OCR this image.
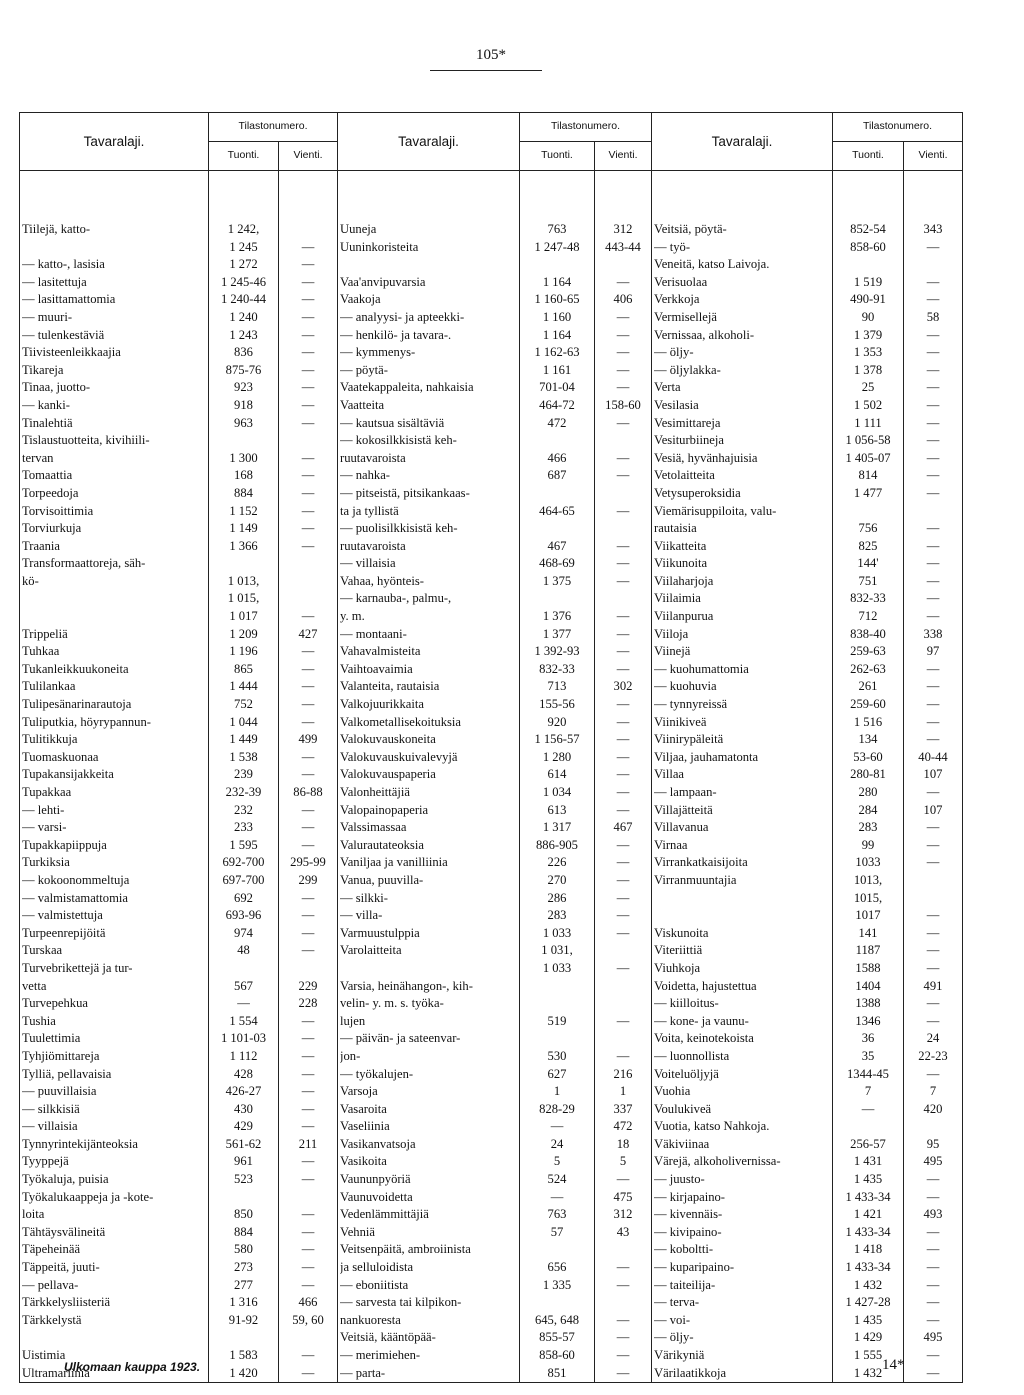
105*
Tavaralaji.	Tilastonumero.		Tavaralaji.	Tilastonumero.		Tavaralaji.	Tilastonumero.	
	Tuonti.	Vienti.		Tuonti.	Vienti.		Tuonti.	Vienti.

Tiilejä, katto-	1 242,		Uuneja	763	312	Veitsiä, pöytä-	852-54	343

	1 245	—	Uuninkoristeita	1 247-48	443-44	— työ-	858-60	—

— katto-, lasisia	1 272	—				Veneitä, katso Laivoja.		

— lasitettuja	1 245-46	—	Vaa'anvipuvarsia	1 164	—	Verisuolaa	1 519	—

— lasittamattomia	1 240-44	—	Vaakoja	1 160-65	406	Verkkoja	490-91	—

— muuri-	1 240	—	— analyysi- ja apteekki-	1 160	—	Vermisellejä	90	58

— tulenkestäviä	1 243	—	— henkilö- ja tavara-.	1 164	—	Vernissaa, alkoholi-	1 379	—

Tiivisteenleikkaajia	836	—	— kymmenys-	1 162-63	—	— öljy-	1 353	—

Tikareja	875-76	—	— pöytä-	1 161	—	— öljylakka-	1 378	—

Tinaa, juotto-	923	—	Vaatekappaleita, nahkaisia	701-04	—	Verta	25	—

— kanki-	918	—	Vaatteita	464-72	158-60	Vesilasia	1 502	—

Tinalehtiä	963	—	— kautsua sisältäviä	472	—	Vesimittareja	1 111	—

Tislaustuotteita, kivihiili-			— kokosilkkisistä keh-			Vesiturbiineja	1 056-58	—

tervan	1 300	—	ruutavaroista	466	—	Vesiä, hyvänhajuisia	1 405-07	—

Tomaattia	168	—	— nahka-	687	—	Vetolaitteita	814	—

Torpeedoja	884	—	— pitseistä, pitsikankaas-			Vetysuperoksidia	1 477	—

Torvisoittimia	1 152	—	ta ja tyllistä	464-65	—	Viemärisuppiloita, valu-		

Torviurkuja	1 149	—	— puolisilkkisistä keh-			rautaisia	756	—

Traania	1 366	—	ruutavaroista	467	—	Viikatteita	825	—

Transformaattoreja, säh-			— villaisia	468-69	—	Viikunoita	144'	—

kö-	1 013,		Vahaa, hyönteis-	1 375	—	Viilaharjoja	751	—

	1 015,		— karnauba-, palmu-,			Viilaimia	832-33	—

	1 017	—	y. m.	1 376	—	Viilanpurua	712	—

Trippeliä	1 209	427	— montaani-	1 377	—	Viiloja	838-40	338

Tuhkaa	1 196	—	Vahavalmisteita	1 392-93	—	Viinejä	259-63	97

Tukanleikkuukoneita	865	—	Vaihtoavaimia	832-33	—	— kuohumattomia	262-63	—

Tulilankaa	1 444	—	Valanteita, rautaisia	713	302	— kuohuvia	261	—

Tulipesänarinarautoja	752	—	Valkojuurikkaita	155-56	—	— tynnyreissä	259-60	—

Tuliputkia, höyrypannun-	1 044	—	Valkometallisekoituksia	920	—	Viinikiveä	1 516	—

Tulitikkuja	1 449	499	Valokuvauskoneita	1 156-57	—	Viinirypäleitä	134	—

Tuomaskuonaa	1 538	—	Valokuvauskuivalevyjä	1 280	—	Viljaa, jauhamatonta	53-60	40-44

Tupakansijakkeita	239	—	Valokuvauspaperia	614	—	Villaa	280-81	107

Tupakkaa	232-39	86-88	Valonheittäjiä	1 034	—	— lampaan-	280	—

— lehti-	232	—	Valopainopaperia	613	—	Villajätteitä	284	107

— varsi-	233	—	Valssimassaa	1 317	467	Villavanua	283	—

Tupakkapiippuja	1 595	—	Valurautateoksia	886-905	—	Virnaa	99	—

Turkiksia	692-700	295-99	Vaniljaa ja vanilliinia	226	—	Virrankatkaisijoita	1033	—

— kokoonommeltuja	697-700	299	Vanua, puuvilla-	270	—	Virranmuuntajia	1013,	

— valmistamattomia	692	—	— silkki-	286	—		1015,	

— valmistettuja	693-96	—	— villa-	283	—		1017	—

Turpeenrepijöitä	974	—	Varmuustulppia	1 033	—	Viskunoita	141	—

Turskaa	48	—	Varolaitteita	1 031,		Viteriittiä	1187	—

Turvebrikettejä ja tur-				1 033	—	Viuhkoja	1588	—

vetta	567	229	Varsia, heinähangon-, kih-			Voidetta, hajustettua	1404	491

Turvepehkua	—	228	velin- y. m. s. työka-			— kiilloitus-	1388	—

Tushia	1 554	—	lujen	519	—	— kone- ja vaunu-	1346	—

Tuulettimia	1 101-03	—	— päivän- ja sateenvar-			Voita, keinotekoista	36	24

Tyhjiömittareja	1 112	—	jon-	530	—	— luonnollista	35	22-23

Tylliä, pellavaisia	428	—	— työkalujen-	627	216	Voiteluöljyjä	1344-45	—

— puuvillaisia	426-27	—	Varsoja	1	1	Vuohia	7	7

— silkkisiä	430	—	Vasaroita	828-29	337	Voulukiveä	—	420

— villaisia	429	—	Vaseliinia	—	472	Vuotia, katso Nahkoja.		

Tynnyrintekijänteoksia	561-62	211	Vasikanvatsoja	24	18	Väkiviinaa	256-57	95

Tyyppejä	961	—	Vasikoita	5	5	Värejä, alkoholivernissa-	1 431	495

Työkaluja, puisia	523	—	Vaununpyöriä	524	—	— juusto-	1 435	—

Työkalukaappeja ja -kote-			Vaunuvoidetta	—	475	— kirjapaino-	1 433-34	—

loita	850	—	Vedenlämmittäjiä	763	312	— kivennäis-	1 421	493

Tähtäysvälineitä	884	—	Vehniä	57	43	— kivipaino-	1 433-34	—

Täpeheinää	580	—	Veitsenpäitä, ambroiinista			— koboltti-	1 418	—

Täppeitä, juuti-	273	—	ja selluloidista	656	—	— kuparipaino-	1 433-34	—

— pellava-	277	—	— eboniitista	1 335	—	— taiteilija-	1 432	—

Tärkkelysliisteriä	1 316	466	— sarvesta tai kilpikon-			— terva-	1 427-28	—

Tärkkelystä	91-92	59, 60	nankuoresta	645, 648	—	— voi-	1 435	—

			Veitsiä, kääntöpää-	855-57	—	— öljy-	1 429	495

Uistimia	1 583	—	— merimiehen-	858-60	—	Värikyniä	1 555	—

Ultramariinia	1 420	—	— parta-	851	—	Värilaatikkoja	1 432	—
Ulkomaan kauppa 1923.	14*
